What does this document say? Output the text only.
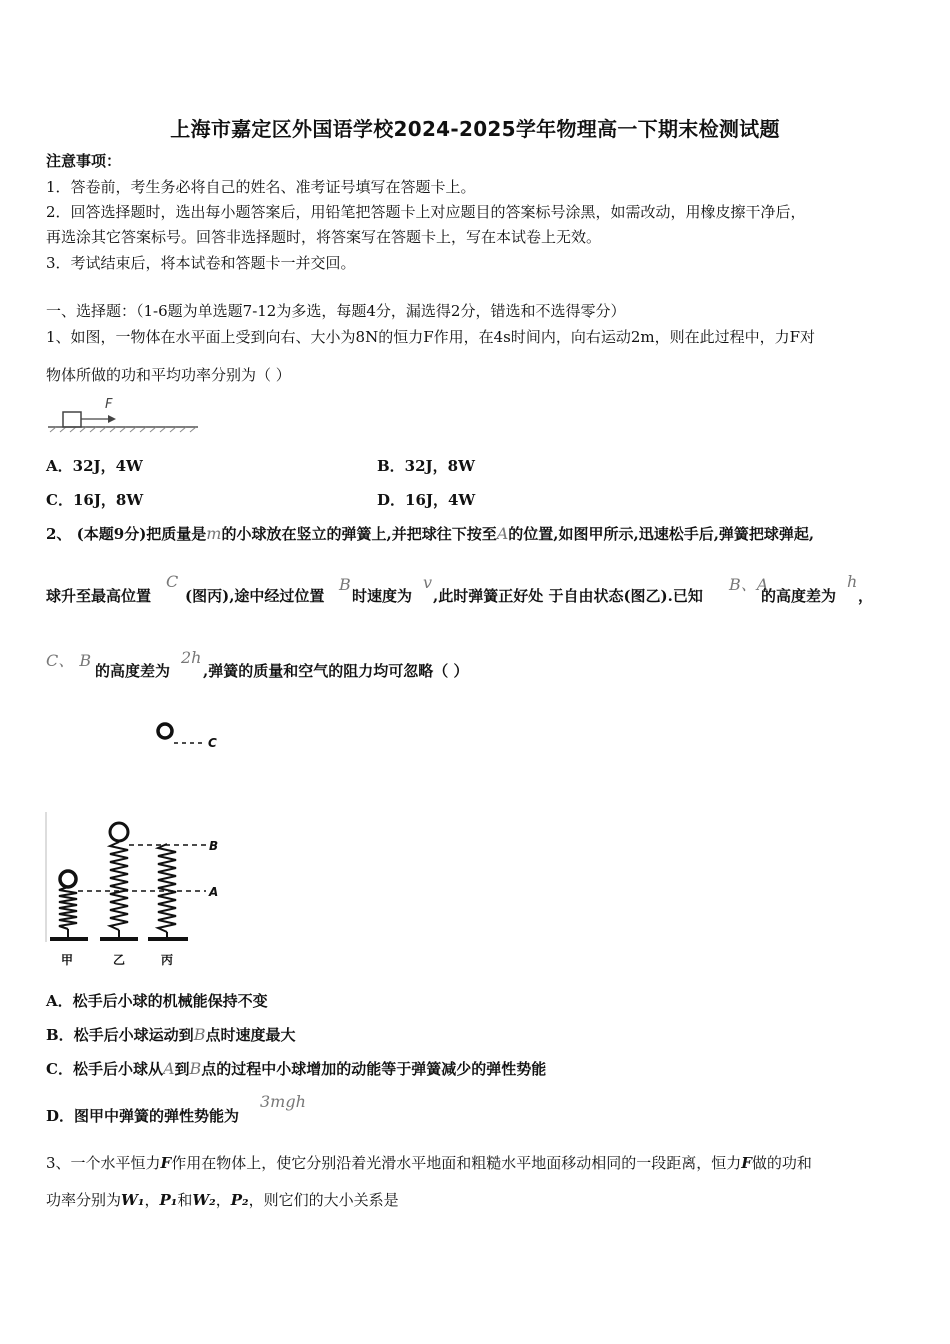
上海市嘉定区外国语学校2024-2025学年物理高一下期末检测试题
注意事项：
1．答卷前，考生务必将自己的姓名、准考证号填写在答题卡上。
2．回答选择题时，选出每小题答案后，用铅笔把答题卡上对应题目的答案标号涂黑，如需改动，用橡皮擦干净后，
再选涂其它答案标号。回答非选择题时，将答案写在答题卡上，写在本试卷上无效。
3．考试结束后，将本试卷和答题卡一并交回。
一、选择题：（1-6题为单选题7-12为多选，每题4分，漏选得2分，错选和不选得零分）
1、如图，一物体在水平面上受到向右、大小为8N的恒力F作用，在4s时间内，向右运动2m，则在此过程中，力F对
物体所做的功和平均功率分别为（ ）
F
A．32J，4W	B．32J，8W
C．16J，8W	D．16J，4W
2、 (本题9分)把质量是m的小球放在竖立的弹簧上,并把球往下按至A的位置,如图甲所示,迅速松手后,弹簧把球弹起,
球升至最高位置
C
(图丙),途中经过位置
B
时速度为
v
,此时弹簧正好处 于自由状态(图乙).已知
B、A
的高度差为
h
，
C、 B
的高度差为
2h
,弹簧的质量和空气的阻力均可忽略（ ）
C
B
A
甲	乙	丙
A．松手后小球的机械能保持不变
B．松手后小球运动到B点时速度最大
C．松手后小球从A到B点的过程中小球增加的动能等于弹簧减少的弹性势能
D．图甲中弹簧的弹性势能为
3mgh
3、一个水平恒力F作用在物体上，使它分别沿着光滑水平地面和粗糙水平地面移动相同的一段距离，恒力F做的功和
功率分别为W₁，P₁和W₂，P₂，则它们的大小关系是
